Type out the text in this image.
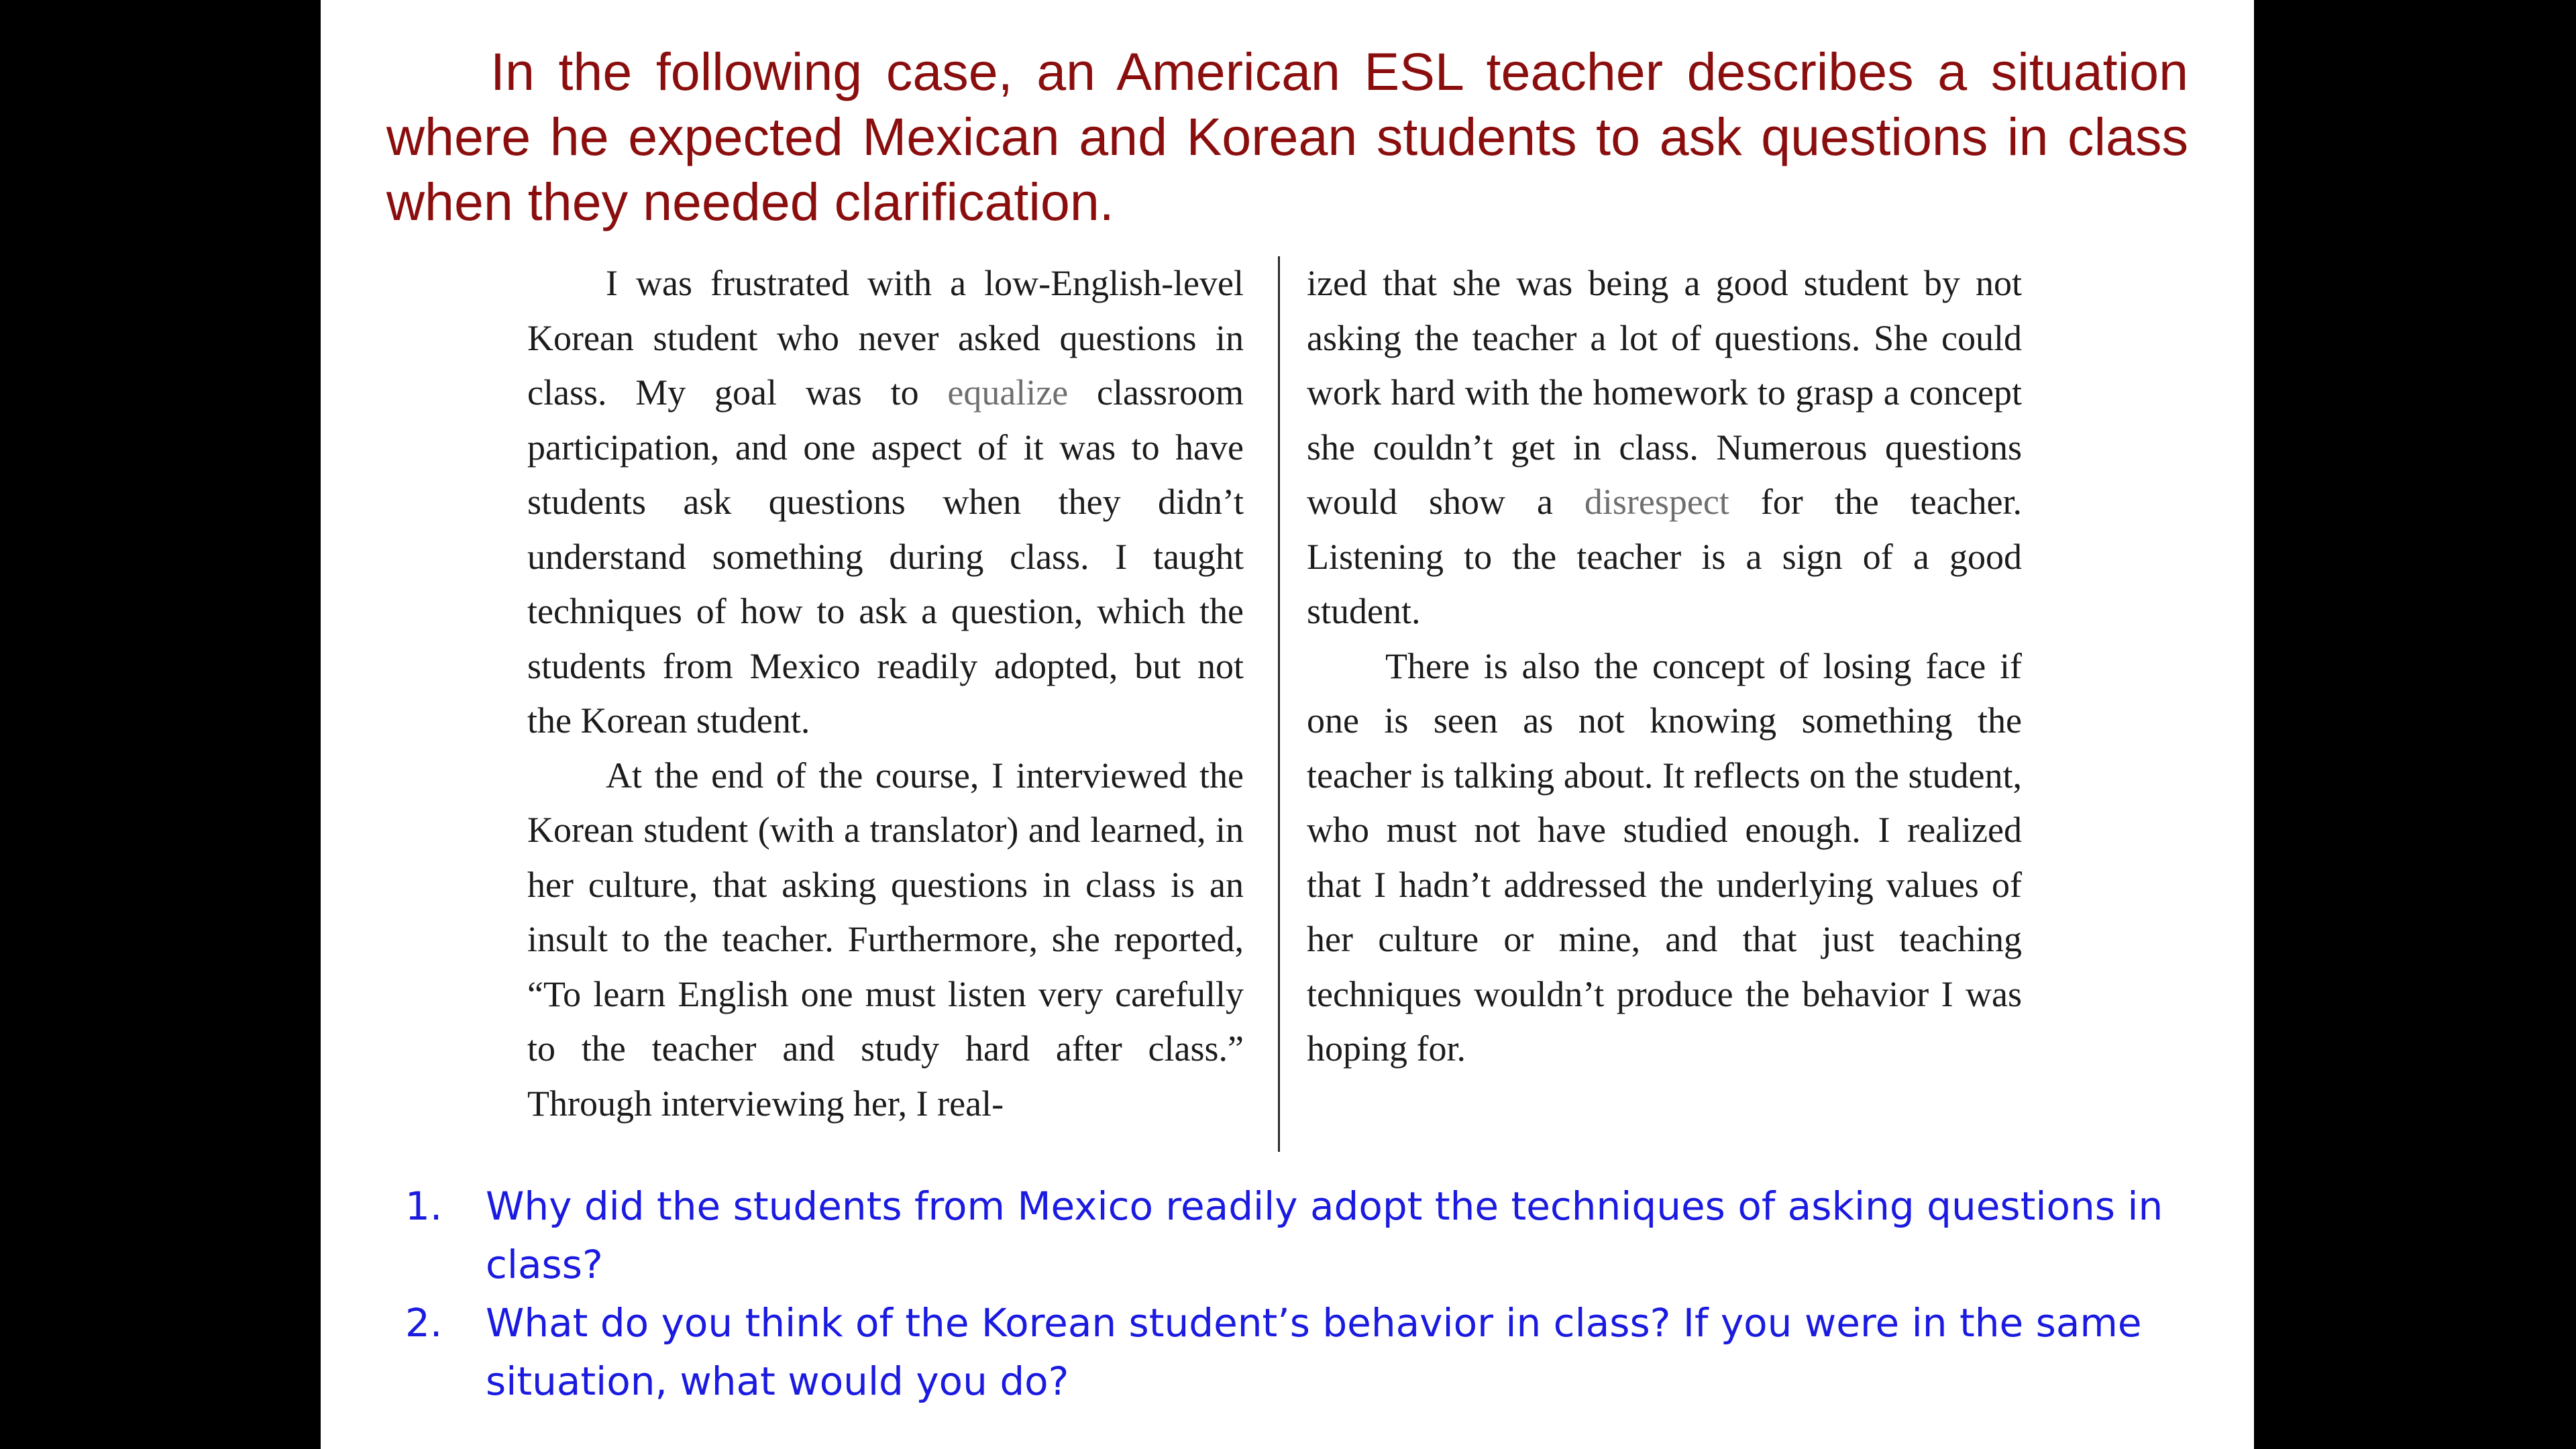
In the following case, an American ESL teacher describes a situation where he expected Mexican and Korean students to ask questions in class when they needed clarification.

I was frustrated with a low-English-level Korean student who never asked questions in class. My goal was to equalize classroom participation, and one aspect of it was to have students ask questions when they didn’t understand something during class. I taught techniques of how to ask a question, which the students from Mexico readily adopted, but not the Korean student.

At the end of the course, I interviewed the Korean student (with a translator) and learned, in her culture, that asking questions in class is an insult to the teacher. Furthermore, she reported, “To learn English one must listen very carefully to the teacher and study hard after class.” Through interviewing her, I real-

ized that she was being a good student by not asking the teacher a lot of questions. She could work hard with the homework to grasp a concept she couldn’t get in class. Numerous questions would show a disrespect for the teacher. Listening to the teacher is a sign of a good student.

There is also the concept of losing face if one is seen as not knowing something the teacher is talking about. It reflects on the student, who must not have studied enough. I realized that I hadn’t addressed the underlying values of her culture or mine, and that just teaching techniques wouldn’t produce the behavior I was hoping for.

1. Why did the students from Mexico readily adopt the techniques of asking questions in class?
2. What do you think of the Korean student’s behavior in class? If you were in the same situation, what would you do?
